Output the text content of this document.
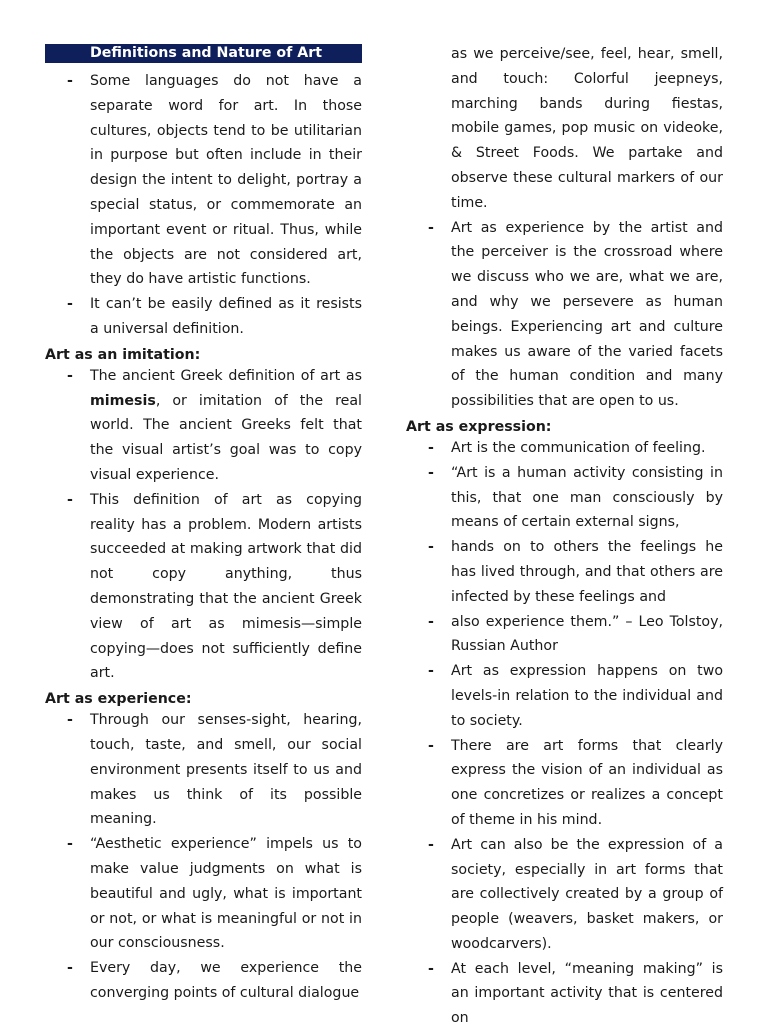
Definitions and Nature of Art
- Some languages do not have a separate word for art. In those cultures, objects tend to be utilitarian in purpose but often include in their design the intent to delight, portray a special status, or commemorate an important event or ritual. Thus, while the objects are not considered art, they do have artistic functions.
- It can’t be easily defined as it resists a universal definition.
Art as an imitation:
- The ancient Greek definition of art as mimesis, or imitation of the real world. The ancient Greeks felt that the visual artist’s goal was to copy visual experience.
- This definition of art as copying reality has a problem. Modern artists succeeded at making artwork that did not copy anything, thus demonstrating that the ancient Greek view of art as mimesis—simple copying—does not sufficiently define art.
Art as experience:
- Through our senses-sight, hearing, touch, taste, and smell, our social environment presents itself to us and makes us think of its possible meaning.
- “Aesthetic experience” impels us to make value judgments on what is beautiful and ugly, what is important or not, or what is meaningful or not in our consciousness.
- Every day, we experience the converging points of cultural dialogue
as we perceive/see, feel, hear, smell, and touch: Colorful jeepneys, marching bands during fiestas, mobile games, pop music on videoke, & Street Foods. We partake and observe these cultural markers of our time.
- Art as experience by the artist and the perceiver is the crossroad where we discuss who we are, what we are, and why we persevere as human beings. Experiencing art and culture makes us aware of the varied facets of the human condition and many possibilities that are open to us.
Art as expression:
- Art is the communication of feeling.
- “Art is a human activity consisting in this, that one man consciously by means of certain external signs,
- hands on to others the feelings he has lived through, and that others are infected by these feelings and
- also experience them.” – Leo Tolstoy, Russian Author
- Art as expression happens on two levels-in relation to the individual and to society.
- There are art forms that clearly express the vision of an individual as one concretizes or realizes a concept of theme in his mind.
- Art can also be the expression of a society, especially in art forms that are collectively created by a group of people (weavers, basket makers, or woodcarvers).
- At each level, “meaning making” is an important activity that is centered on
